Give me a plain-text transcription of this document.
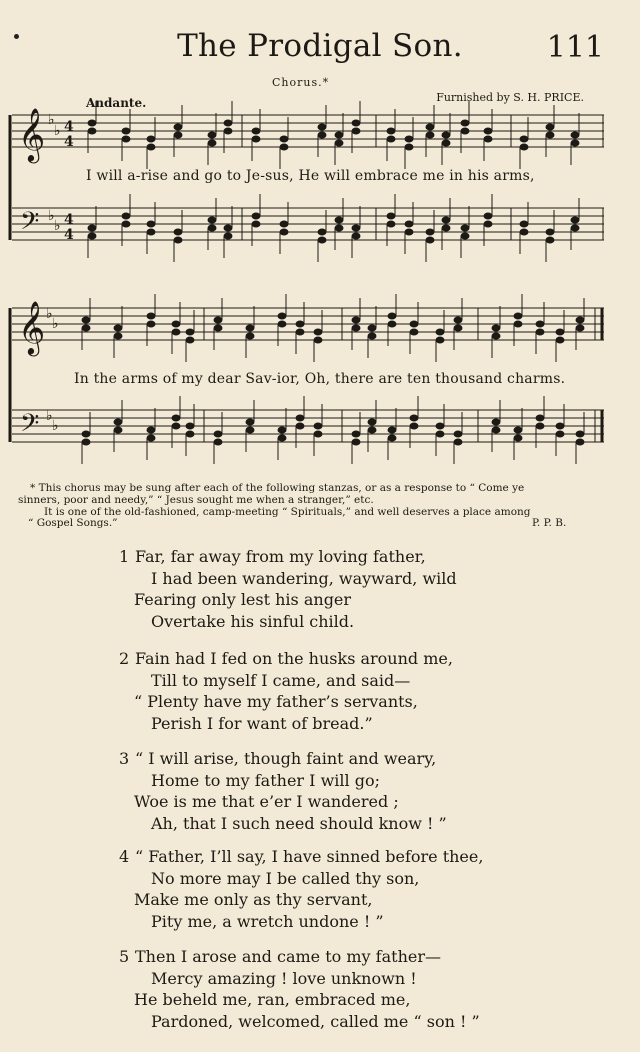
The Prodigal Son.	111
Chorus.*
Furnished by S. H. PRICE.
Andante.
𝄞
𝄢
𝄞
𝄢
♭
♭
♭
♭
♭
♭
♭
♭
4
4
4
4
I will a-rise and go to Je-sus, He will embrace me in his arms,
In the arms of my dear Sav-ior, Oh, there are ten thousand charms.
* This chorus may be sung after each of the following stanzas, or as a response to “ Come ye
sinners, poor and needy,” “ Jesus sought me when a stranger,” etc.
It is one of the old-fashioned, camp-meeting “ Spirituals,” and well deserves a place among
“ Gospel Songs.”	P. P. B.
1 Far, far away from my loving father,
I had been wandering, wayward, wild
Fearing only lest his anger
Overtake his sinful child.
2 Fain had I fed on the husks around me,
Till to myself I came, and said—
“ Plenty have my father’s servants,
Perish I for want of bread.”
3 “ I will arise, though faint and weary,
Home to my father I will go;
Woe is me that e’er I wandered ;
Ah, that I such need should know ! ”
4 “ Father, I’ll say, I have sinned before thee,
No more may I be called thy son,
Make me only as thy servant,
Pity me, a wretch undone ! ”
5 Then I arose and came to my father—
Mercy amazing ! love unknown !
He beheld me, ran, embraced me,
Pardoned, welcomed, called me “ son ! ”
